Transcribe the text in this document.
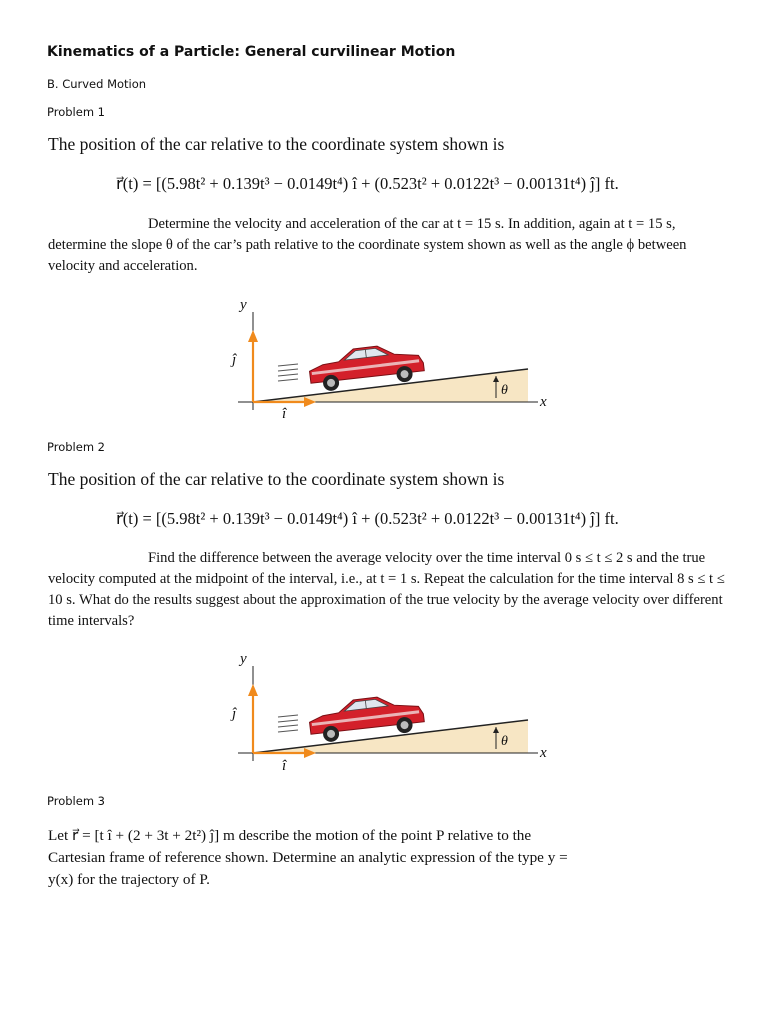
Kinematics of a Particle: General curvilinear Motion
B. Curved Motion
Problem 1
The position of the car relative to the coordinate system shown is
r⃗(t) = [(5.98t² + 0.139t³ − 0.0149t⁴) î + (0.523t² + 0.0122t³ − 0.00131t⁴) ĵ] ft.
Determine the velocity and acceleration of the car at t = 15 s. In addition, again at t = 15 s, determine the slope θ of the car’s path relative to the coordinate system shown as well as the angle ϕ between velocity and acceleration.
y
x
ĵ
î
θ
Problem 2
The position of the car relative to the coordinate system shown is
r⃗(t) = [(5.98t² + 0.139t³ − 0.0149t⁴) î + (0.523t² + 0.0122t³ − 0.00131t⁴) ĵ] ft.
Find the difference between the average velocity over the time interval 0 s ≤ t ≤ 2 s and the true velocity computed at the midpoint of the interval, i.e., at t = 1 s. Repeat the calculation for the time interval 8 s ≤ t ≤ 10 s. What do the results suggest about the approximation of the true velocity by the average velocity over different time intervals?
y
x
ĵ
î
θ
Problem 3
Let r⃗ = [t î + (2 + 3t + 2t²) ĵ] m describe the motion of the point P relative to the Cartesian frame of reference shown. Determine an analytic expression of the type y = y(x) for the trajectory of P.
